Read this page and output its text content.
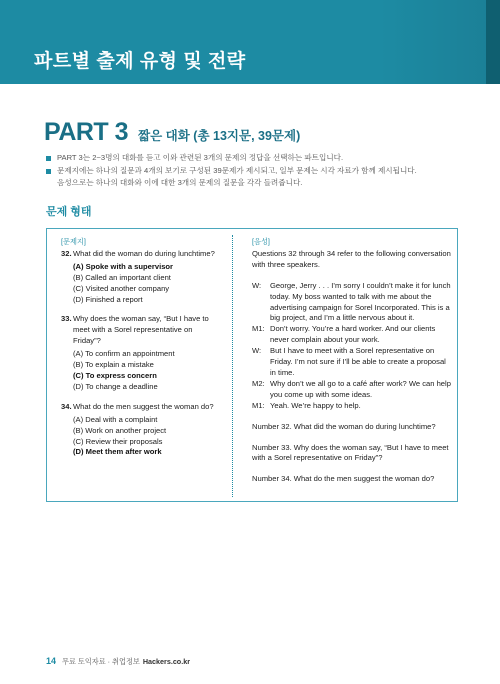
파트별 출제 유형 및 전략
PART 3 짧은 대화 (총 13지문, 39문제)
PART 3는 2~3명의 대화를 듣고 이와 관련된 3개의 문제의 정답을 선택하는 파트입니다.
문제지에는 하나의 질문과 4개의 보기로 구성된 39문제가 제시되고, 일부 문제는 시각 자료가 함께 제시됩니다.
음성으로는 하나의 대화와 이에 대한 3개의 문제의 질문을 각각 들려줍니다.
문제 형태
[문제지]
32. What did the woman do during lunchtime?
(A) Spoke with a supervisor
(B) Called an important client
(C) Visited another company
(D) Finished a report
33. Why does the woman say, “But I have to meet with a Sorel representative on Friday”?
(A) To confirm an appointment
(B) To explain a mistake
(C) To express concern
(D) To change a deadline
34. What do the men suggest the woman do?
(A) Deal with a complaint
(B) Work on another project
(C) Review their proposals
(D) Meet them after work
[음성]
Questions 32 through 34 refer to the following conversation with three speakers.
W:	George, Jerry . . . I’m sorry I couldn’t make it for lunch today. My boss wanted to talk with me about the advertising campaign for Sorel Incorporated. This is a big project, and I’m a little nervous about it.
M1: Don’t worry. You’re a hard worker. And our clients never complain about your work.
W:	But I have to meet with a Sorel representative on Friday. I’m not sure if I’ll be able to create a proposal in time.
M2: Why don’t we all go to a café after work? We can help you come up with some ideas.
M1: Yeah. We’re happy to help.
Number 32. What did the woman do during lunchtime?
Number 33. Why does the woman say, “But I have to meet with a Sorel representative on Friday”?
Number 34. What do the men suggest the woman do?
14 무료 토익자료 · 취업정보 Hackers.co.kr
